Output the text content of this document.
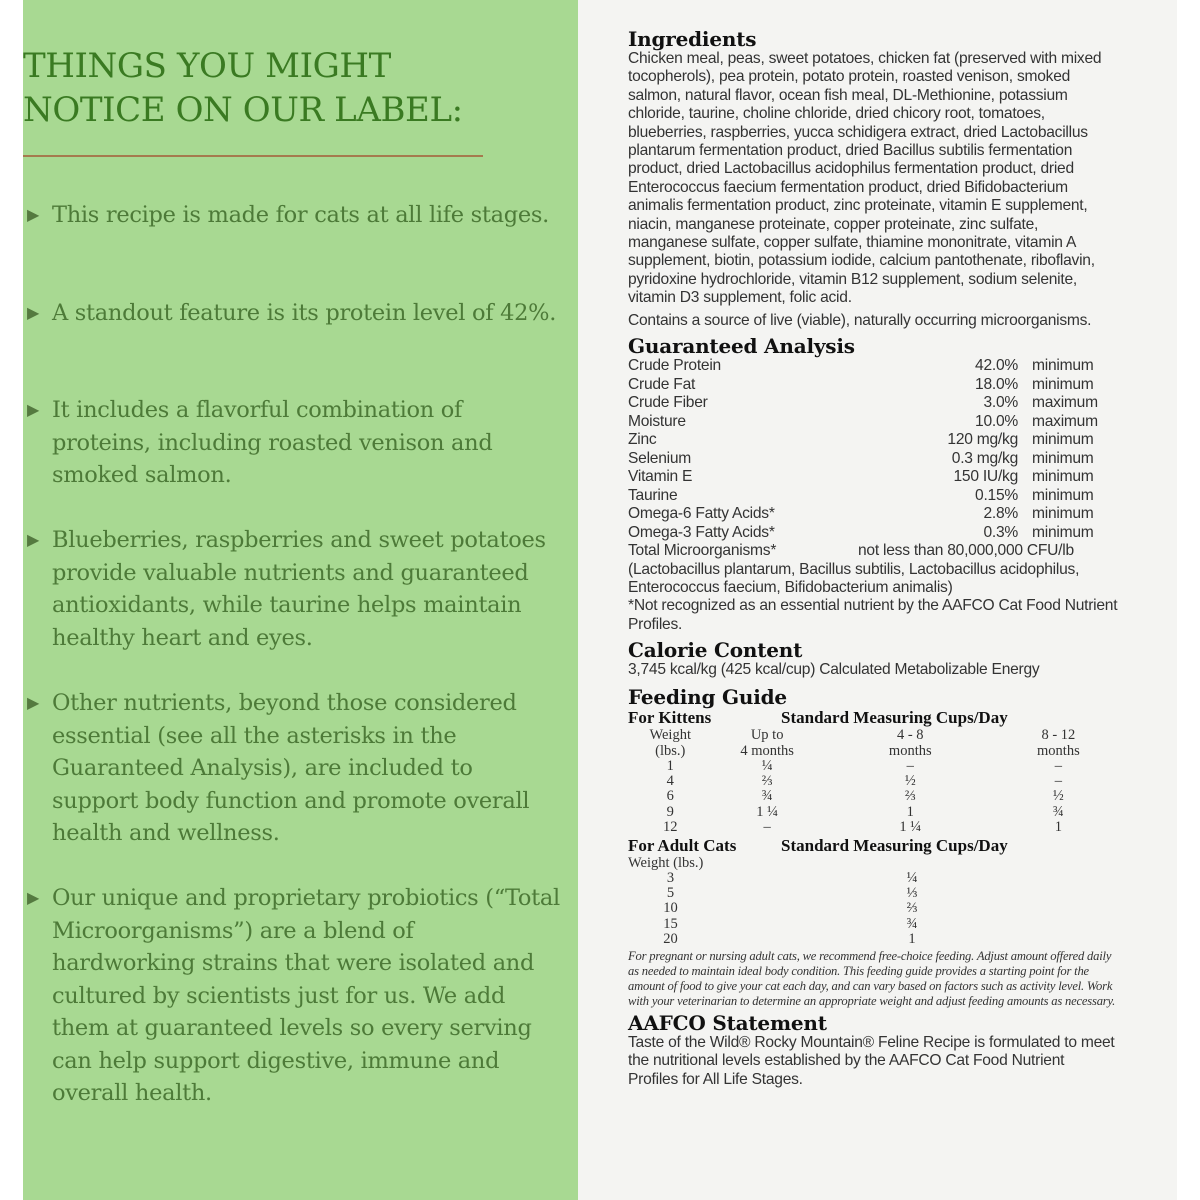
THINGS YOU MIGHT
NOTICE ON OUR LABEL:
▶ This recipe is made for cats at all life stages.
▶ A standout feature is its protein level of 42%.
▶ It includes a flavorful combination of proteins, including roasted venison and smoked salmon.
▶ Blueberries, raspberries and sweet potatoes provide valuable nutrients and guaranteed antioxidants, while taurine helps maintain healthy heart and eyes.
▶ Other nutrients, beyond those considered essential (see all the asterisks in the Guaranteed Analysis), are included to support body function and promote overall health and wellness.
▶ Our unique and proprietary probiotics (“Total Microorganisms”) are a blend of hardworking strains that were isolated and cultured by scientists just for us. We add them at guaranteed levels so every serving can help support digestive, immune and overall health.
Ingredients
Chicken meal, peas, sweet potatoes, chicken fat (preserved with mixed tocopherols), pea protein, potato protein, roasted venison, smoked salmon, natural flavor, ocean fish meal, DL-Methionine, potassium chloride, taurine, choline chloride, dried chicory root, tomatoes, blueberries, raspberries, yucca schidigera extract, dried Lactobacillus plantarum fermentation product, dried Bacillus subtilis fermentation product, dried Lactobacillus acidophilus fermentation product, dried Enterococcus faecium fermentation product, dried Bifidobacterium animalis fermentation product, zinc proteinate, vitamin E supplement, niacin, manganese proteinate, copper proteinate, zinc sulfate, manganese sulfate, copper sulfate, thiamine mononitrate, vitamin A supplement, biotin, potassium iodide, calcium pantothenate, riboflavin, pyridoxine hydrochloride, vitamin B12 supplement, sodium selenite, vitamin D3 supplement, folic acid.
Contains a source of live (viable), naturally occurring microorganisms.
Guaranteed Analysis
Crude Protein	42.0% minimum
Crude Fat	18.0% minimum
Crude Fiber	3.0% maximum
Moisture	10.0% maximum
Zinc	120 mg/kg minimum
Selenium	0.3 mg/kg minimum
Vitamin E	150 IU/kg minimum
Taurine	0.15% minimum
Omega-6 Fatty Acids*	2.8% minimum
Omega-3 Fatty Acids*	0.3% minimum
Total Microorganisms*	not less than 80,000,000 CFU/lb
(Lactobacillus plantarum, Bacillus subtilis, Lactobacillus acidophilus, Enterococcus faecium, Bifidobacterium animalis)
*Not recognized as an essential nutrient by the AAFCO Cat Food Nutrient Profiles.
Calorie Content
3,745 kcal/kg (425 kcal/cup) Calculated Metabolizable Energy
Feeding Guide
For Kittens	Standard Measuring Cups/Day
Weight	Up to	4 - 8	8 - 12
(lbs.)	4 months	months	months
1	¼	–	–
4	⅔	½	–
6	¾	⅔	½
9	1 ¼	1	¾
12	–	1 ¼	1
For Adult Cats	Standard Measuring Cups/Day
Weight (lbs.)
3	¼
5	⅓
10	⅔
15	¾
20	1
For pregnant or nursing adult cats, we recommend free-choice feeding. Adjust amount offered daily as needed to maintain ideal body condition. This feeding guide provides a starting point for the amount of food to give your cat each day, and can vary based on factors such as activity level. Work with your veterinarian to determine an appropriate weight and adjust feeding amounts as necessary.
AAFCO Statement
Taste of the Wild® Rocky Mountain® Feline Recipe is formulated to meet the nutritional levels established by the AAFCO Cat Food Nutrient Profiles for All Life Stages.
